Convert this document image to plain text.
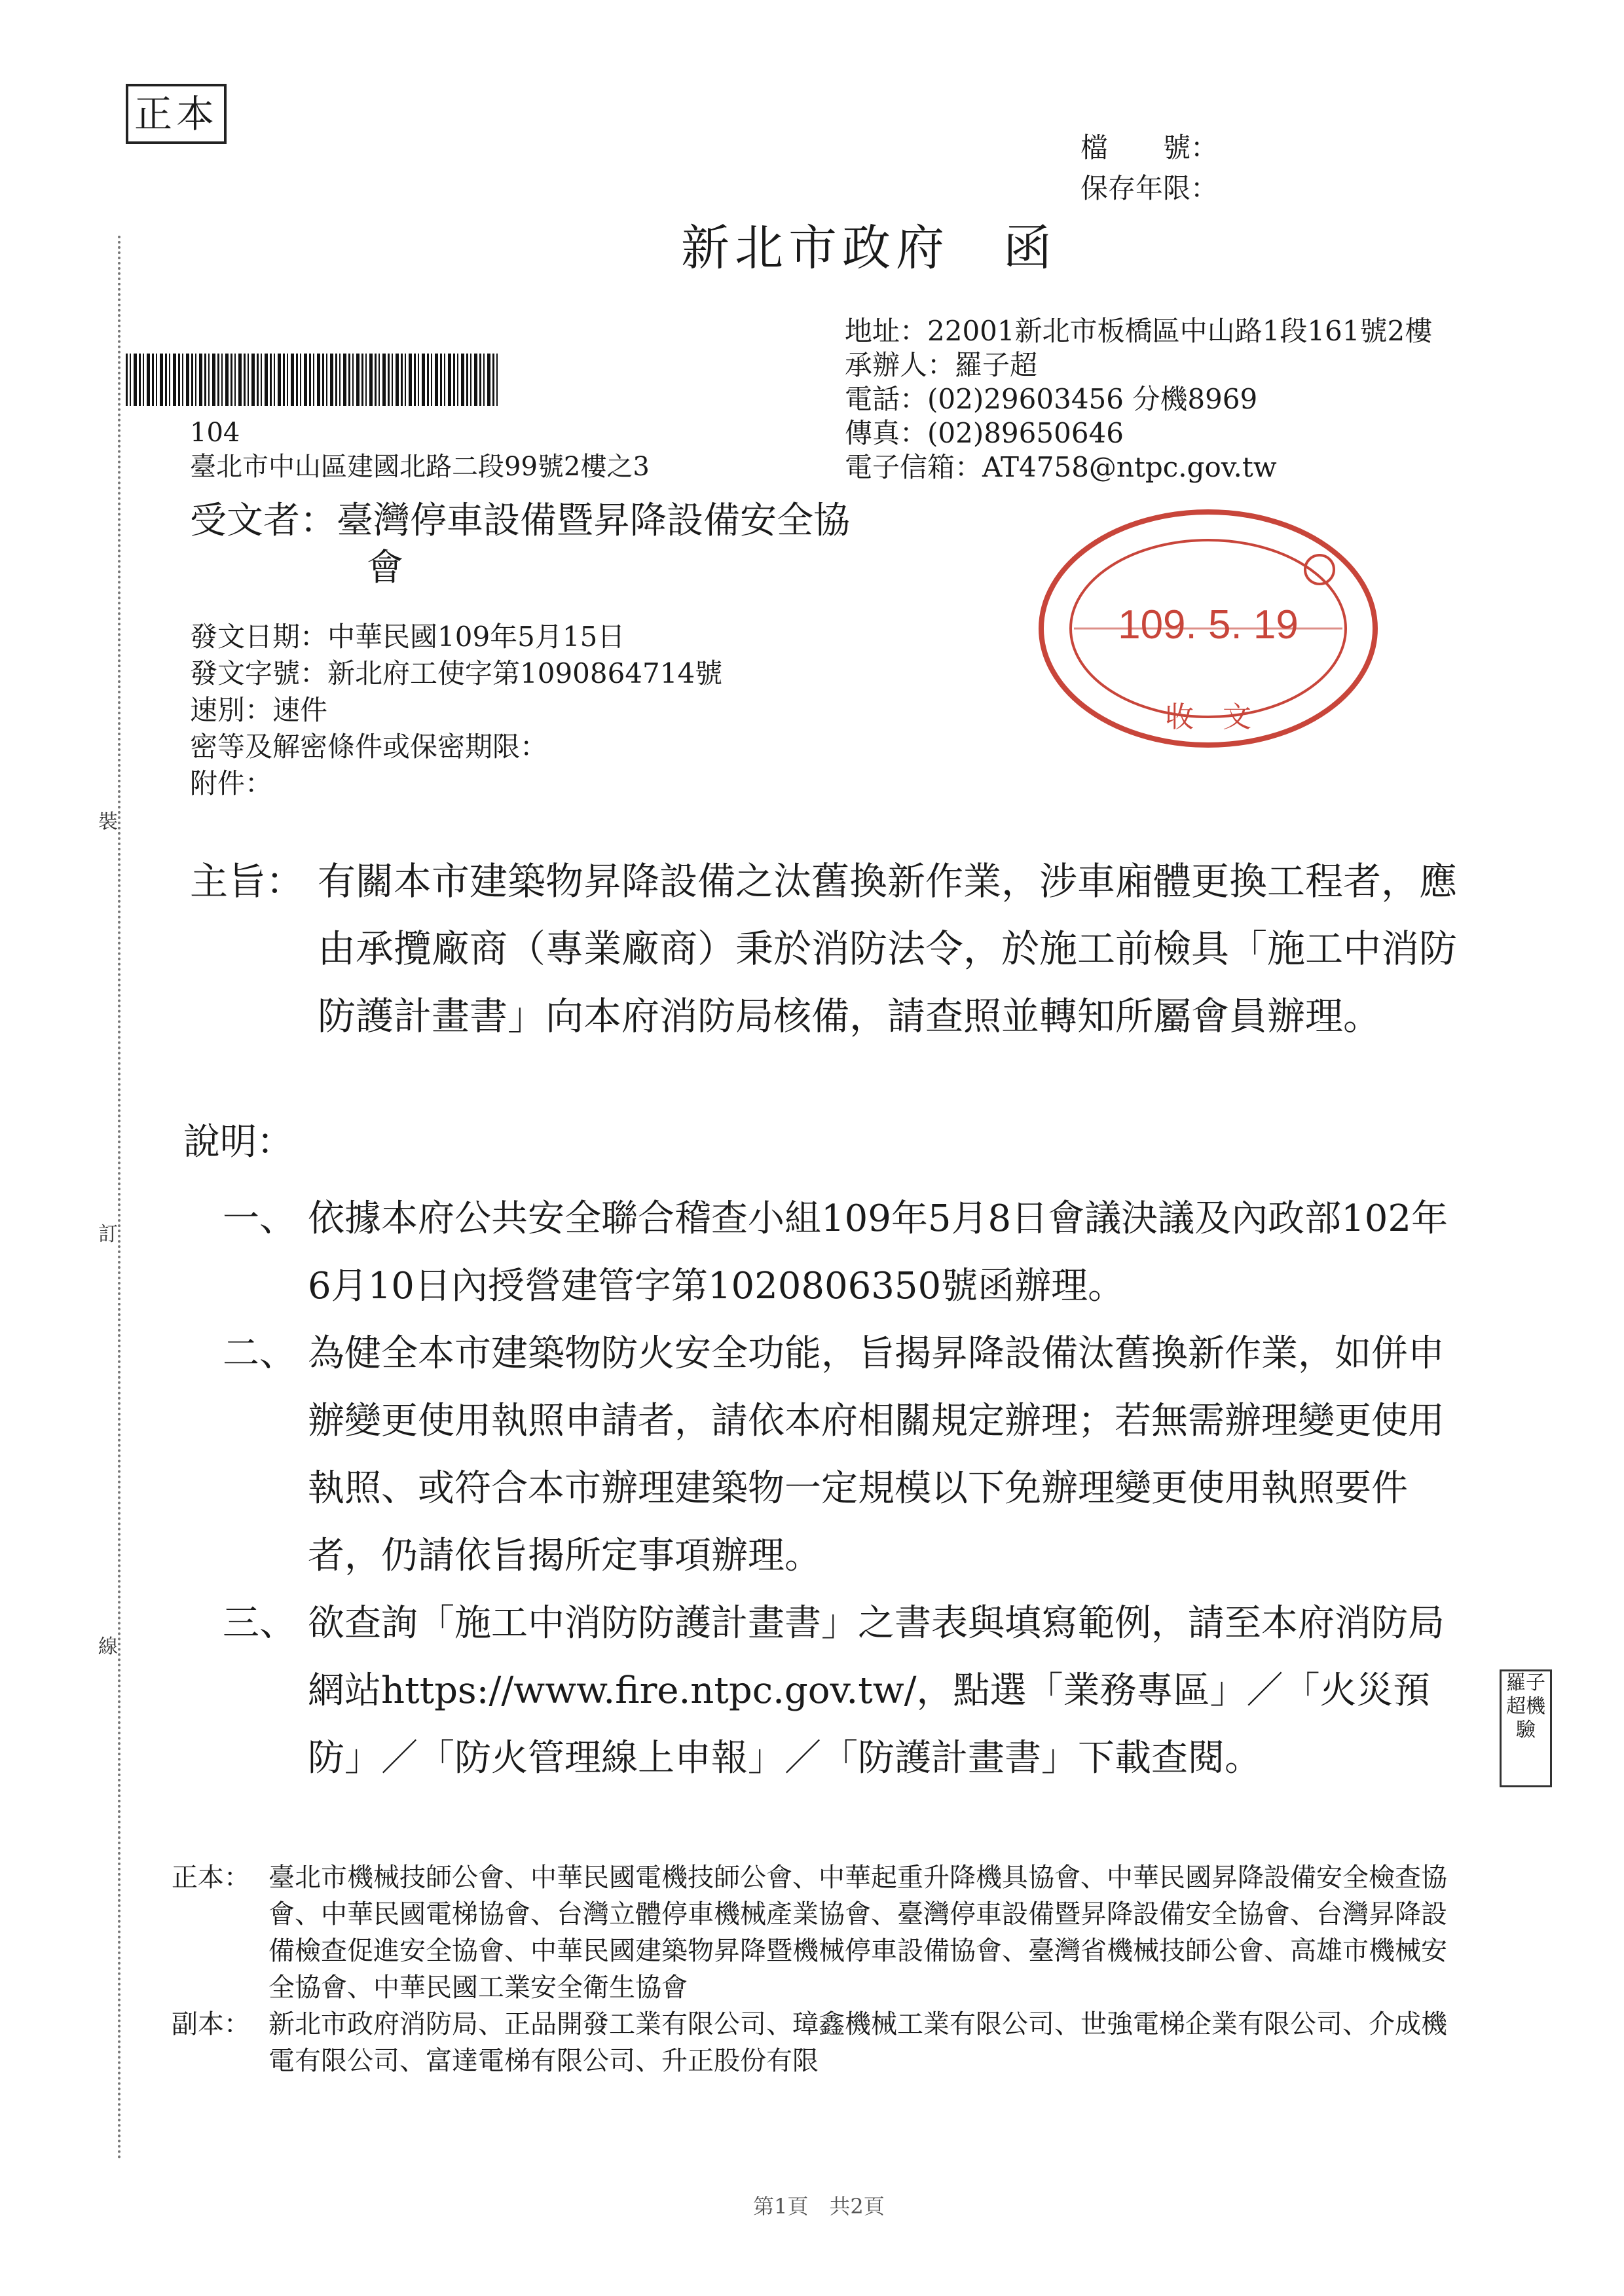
正本
檔　　號：
保存年限：
裝
訂
線
新北市政府　函
地址：22001新北市板橋區中山路1段161號2樓
承辦人：羅子超
電話：(02)29603456 分機8969
傳真：(02)89650646
電子信箱：AT4758@ntpc.gov.tw
104
臺北市中山區建國北路二段99號2樓之3
受文者：臺灣停車設備暨昇降設備安全協
會
109. 5. 19
收　文
發文日期：中華民國109年5月15日
發文字號：新北府工使字第1090864714號
速別：速件
密等及解密條件或保密期限：
附件：
主旨： 有關本市建築物昇降設備之汰舊換新作業，涉車廂體更換工程者，應由承攬廠商（專業廠商）秉於消防法令，於施工前檢具「施工中消防防護計畫書」向本府消防局核備，請查照並轉知所屬會員辦理。
說明：
一、 依據本府公共安全聯合稽查小組109年5月8日會議決議及內政部102年6月10日內授營建管字第1020806350號函辦理。
二、 為健全本市建築物防火安全功能，旨揭昇降設備汰舊換新作業，如併申辦變更使用執照申請者，請依本府相關規定辦理；若無需辦理變更使用執照、或符合本市辦理建築物一定規模以下免辦理變更使用執照要件者，仍請依旨揭所定事項辦理。
三、 欲查詢「施工中消防防護計畫書」之書表與填寫範例，請至本府消防局網站https://www.fire.ntpc.gov.tw/，點選「業務專區」／「火災預防」／「防火管理線上申報」／「防護計畫書」下載查閱。
羅子
超機
驗
正本： 臺北市機械技師公會、中華民國電機技師公會、中華起重升降機具協會、中華民國昇降設備安全檢查協會、中華民國電梯協會、台灣立體停車機械產業協會、臺灣停車設備暨昇降設備安全協會、台灣昇降設備檢查促進安全協會、中華民國建築物昇降暨機械停車設備協會、臺灣省機械技師公會、高雄市機械安全協會、中華民國工業安全衛生協會
副本： 新北市政府消防局、正品開發工業有限公司、璋鑫機械工業有限公司、世強電梯企業有限公司、介成機電有限公司、富達電梯有限公司、升正股份有限
第1頁　共2頁
